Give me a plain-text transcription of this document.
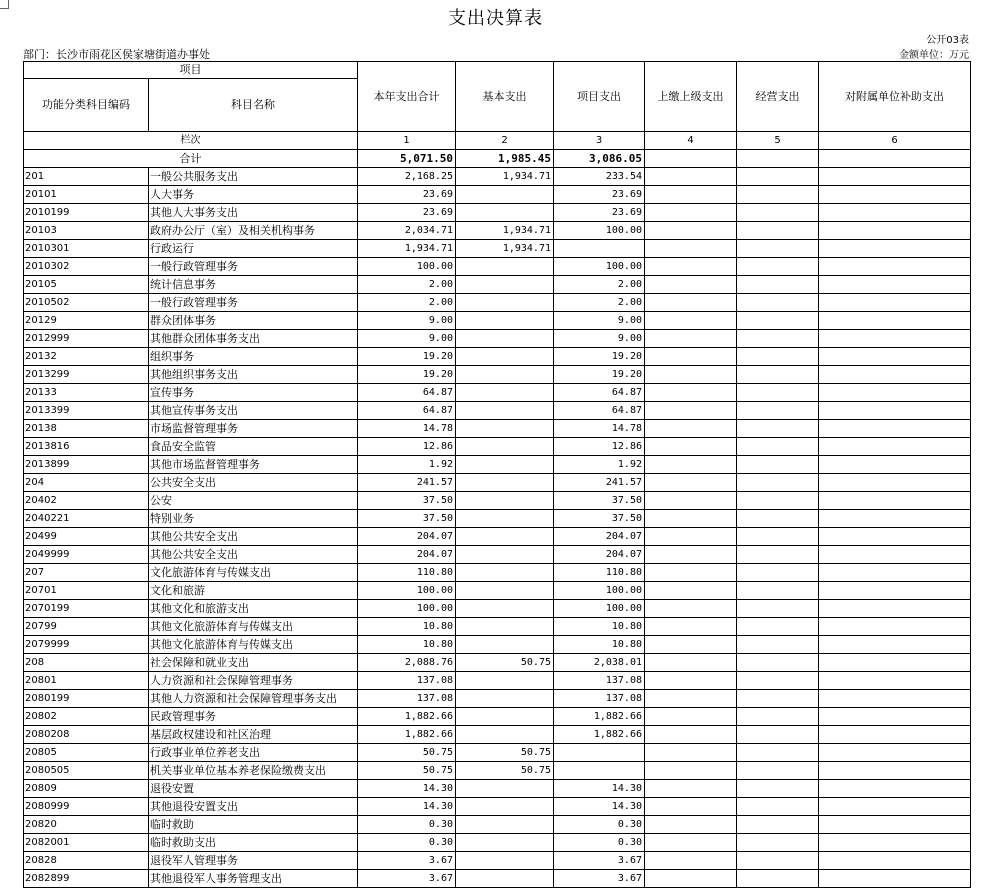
支出决算表
公开03表
金额单位：万元
部门：长沙市雨花区侯家塘街道办事处
项目		本年支出合计	基本支出	项目支出	上缴上级支出	经营支出	对附属单位补助支出
功能分类科目编码	科目名称						
栏次		1	2	3	4	5	6
合计		5,071.50	1,985.45	3,086.05			
201	一般公共服务支出	2,168.25	1,934.71	233.54			
20101	人大事务	23.69		23.69			
2010199	其他人大事务支出	23.69		23.69			
20103	政府办公厅（室）及相关机构事务	2,034.71	1,934.71	100.00			
2010301	行政运行	1,934.71	1,934.71				
2010302	一般行政管理事务	100.00		100.00			
20105	统计信息事务	2.00		2.00			
2010502	一般行政管理事务	2.00		2.00			
20129	群众团体事务	9.00		9.00			
2012999	其他群众团体事务支出	9.00		9.00			
20132	组织事务	19.20		19.20			
2013299	其他组织事务支出	19.20		19.20			
20133	宣传事务	64.87		64.87			
2013399	其他宣传事务支出	64.87		64.87			
20138	市场监督管理事务	14.78		14.78			
2013816	食品安全监管	12.86		12.86			
2013899	其他市场监督管理事务	1.92		1.92			
204	公共安全支出	241.57		241.57			
20402	公安	37.50		37.50			
2040221	特别业务	37.50		37.50			
20499	其他公共安全支出	204.07		204.07			
2049999	其他公共安全支出	204.07		204.07			
207	文化旅游体育与传媒支出	110.80		110.80			
20701	文化和旅游	100.00		100.00			
2070199	其他文化和旅游支出	100.00		100.00			
20799	其他文化旅游体育与传媒支出	10.80		10.80			
2079999	其他文化旅游体育与传媒支出	10.80		10.80			
208	社会保障和就业支出	2,088.76	50.75	2,038.01			
20801	人力资源和社会保障管理事务	137.08		137.08			
2080199	其他人力资源和社会保障管理事务支出	137.08		137.08			
20802	民政管理事务	1,882.66		1,882.66			
2080208	基层政权建设和社区治理	1,882.66		1,882.66			
20805	行政事业单位养老支出	50.75	50.75				
2080505	机关事业单位基本养老保险缴费支出	50.75	50.75				
20809	退役安置	14.30		14.30			
2080999	其他退役安置支出	14.30		14.30			
20820	临时救助	0.30		0.30			
2082001	临时救助支出	0.30		0.30			
20828	退役军人管理事务	3.67		3.67			
2082899	其他退役军人事务管理支出	3.67		3.67			
